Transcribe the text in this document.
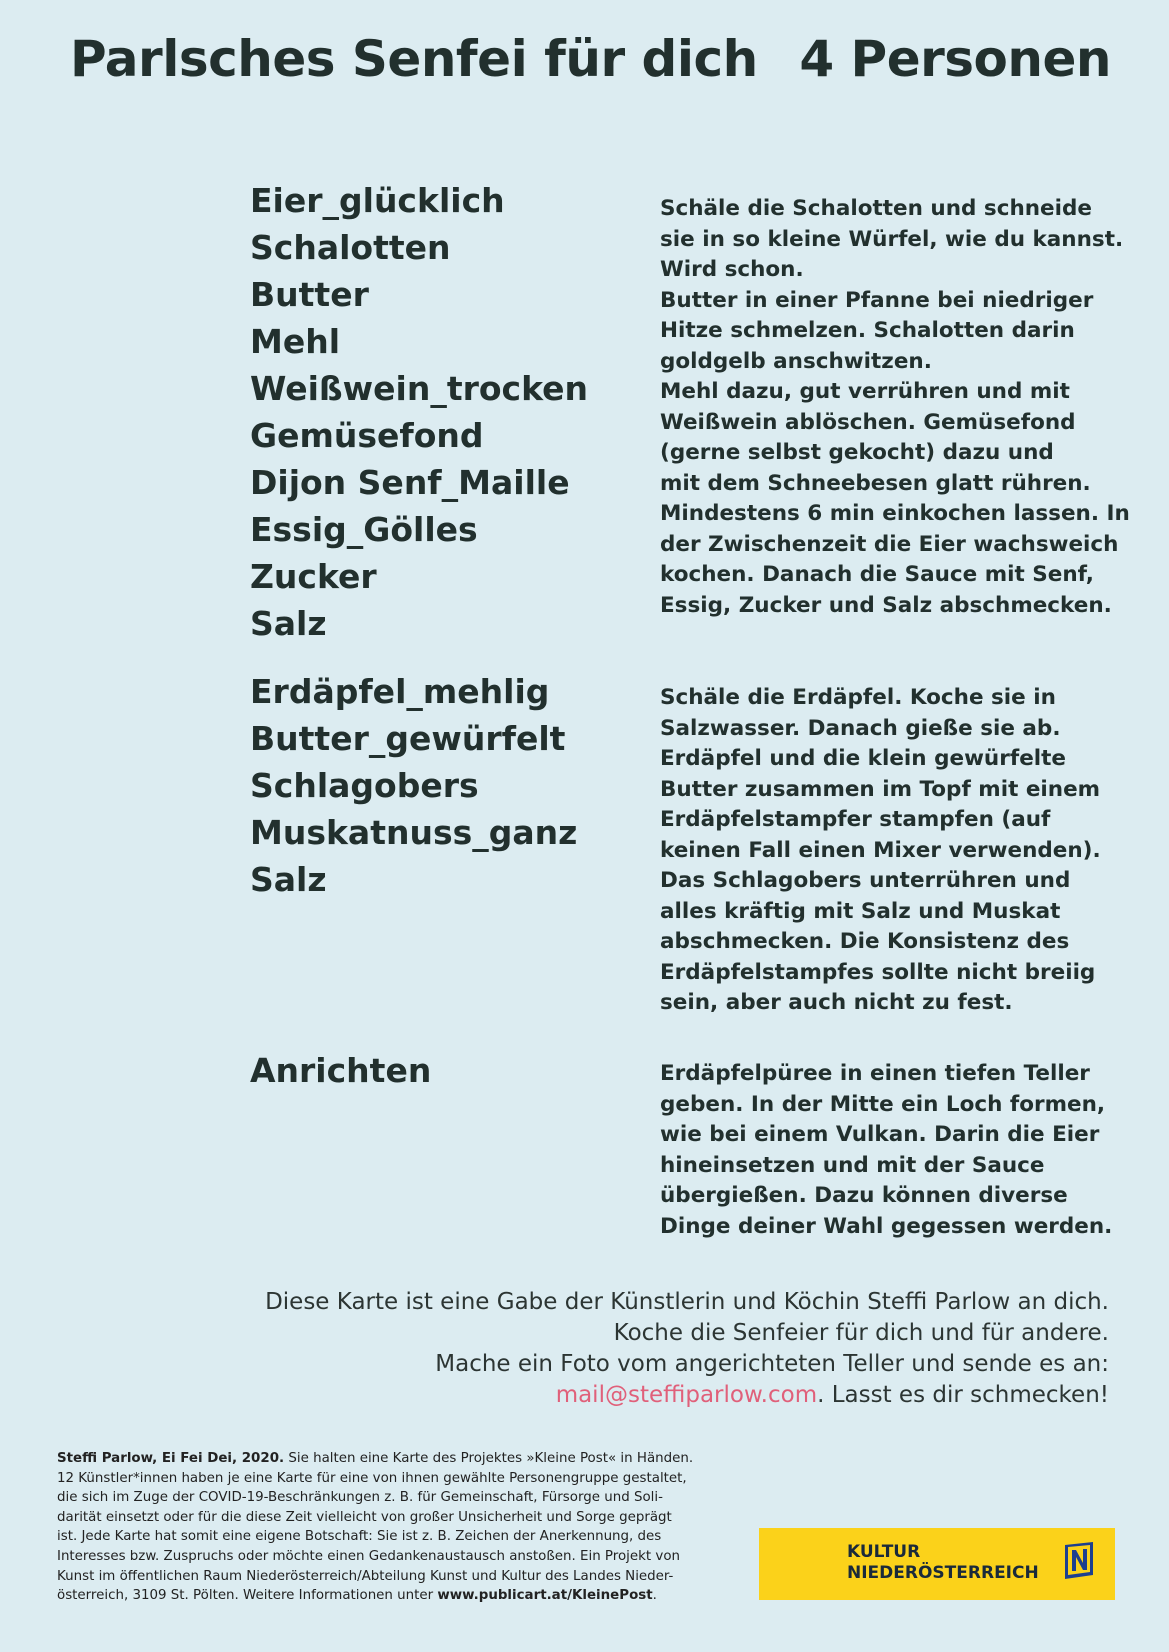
Parlsches Senfei für dich 4 Personen
Eier_glücklich
Schalotten
Butter
Mehl
Weißwein_trocken
Gemüsefond
Dijon Senf_Maille
Essig_Gölles
Zucker
Salz
Schäle die Schalotten und schneide
sie in so kleine Würfel, wie du kannst.
Wird schon.
Butter in einer Pfanne bei niedriger
Hitze schmelzen. Schalotten darin
goldgelb anschwitzen.
Mehl dazu, gut verrühren und mit
Weißwein ablöschen. Gemüsefond
(gerne selbst gekocht) dazu und
mit dem Schneebesen glatt rühren.
Mindestens 6 min einkochen lassen. In
der Zwischenzeit die Eier wachsweich
kochen. Danach die Sauce mit Senf,
Essig, Zucker und Salz abschmecken.
Erdäpfel_mehlig
Butter_gewürfelt
Schlagobers
Muskatnuss_ganz
Salz
Schäle die Erdäpfel. Koche sie in
Salzwasser. Danach gieße sie ab.
Erdäpfel und die klein gewürfelte
Butter zusammen im Topf mit einem
Erdäpfelstampfer stampfen (auf
keinen Fall einen Mixer verwenden).
Das Schlagobers unterrühren und
alles kräftig mit Salz und Muskat
abschmecken. Die Konsistenz des
Erdäpfelstampfes sollte nicht breiig
sein, aber auch nicht zu fest.
Anrichten	Erdäpfelpüree in einen tiefen Teller
geben. In der Mitte ein Loch formen,
wie bei einem Vulkan. Darin die Eier
hineinsetzen und mit der Sauce
übergießen. Dazu können diverse
Dinge deiner Wahl gegessen werden.
Diese Karte ist eine Gabe der Künstlerin und Köchin Steffi Parlow an dich.
Koche die Senfeier für dich und für andere.
Mache ein Foto vom angerichteten Teller und sende es an:
mail@steffiparlow.com. Lasst es dir schmecken!
Steffi Parlow, Ei Fei Dei, 2020. Sie halten eine Karte des Projektes »Kleine Post« in Händen.
12 Künstler*innen haben je eine Karte für eine von ihnen gewählte Personengruppe gestaltet,
die sich im Zuge der COVID-19-Beschränkungen z. B. für Gemeinschaft, Fürsorge und Soli-
darität einsetzt oder für die diese Zeit vielleicht von großer Unsicherheit und Sorge geprägt
ist. Jede Karte hat somit eine eigene Botschaft: Sie ist z. B. Zeichen der Anerkennung, des
Interesses bzw. Zuspruchs oder möchte einen Gedankenaustausch anstoßen. Ein Projekt von
Kunst im öffentlichen Raum Niederösterreich/Abteilung Kunst und Kultur des Landes Nieder-
österreich, 3109 St. Pölten. Weitere Informationen unter www.publicart.at/KleinePost.
KULTUR
NIEDERÖSTERREICH
